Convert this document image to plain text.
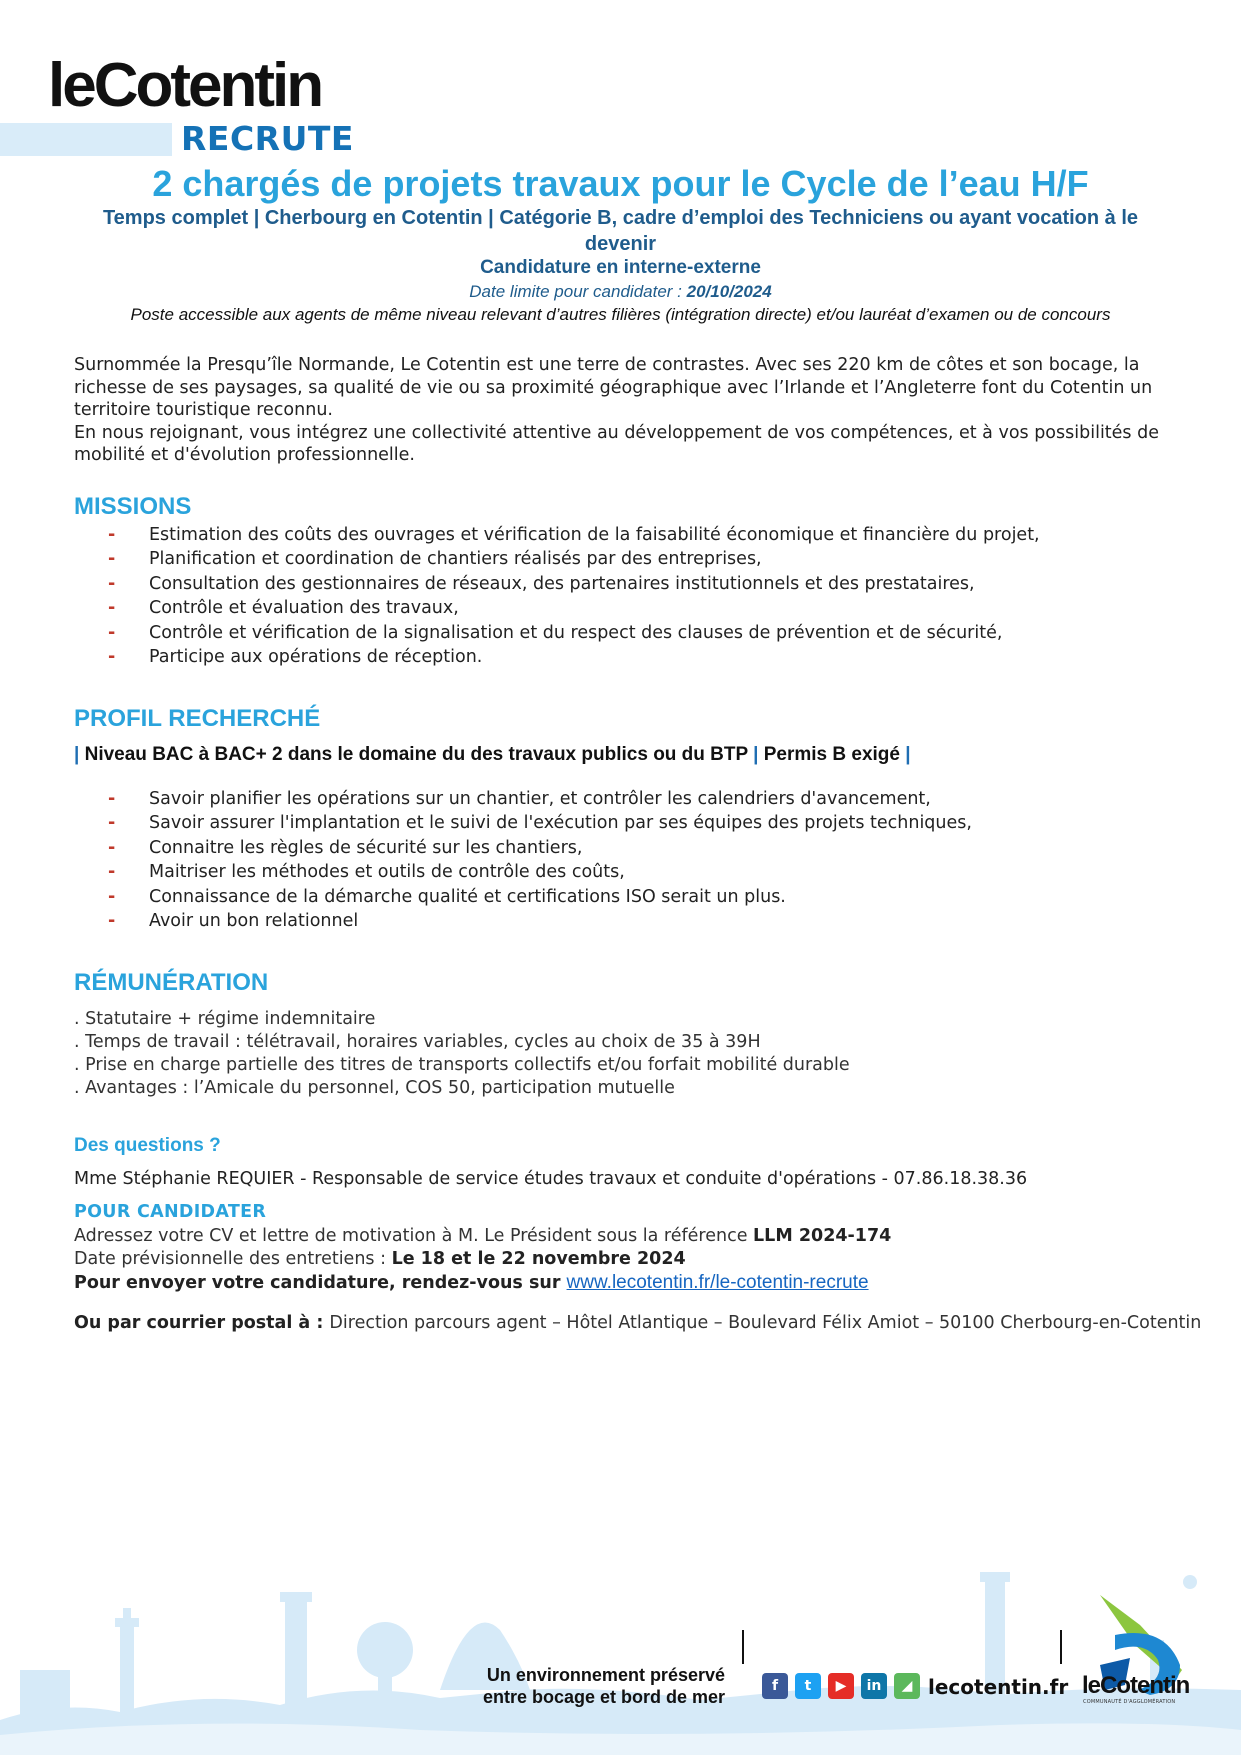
leCotentin
RECRUTE
2 chargés de projets travaux pour le Cycle de l’eau H/F
Temps complet | Cherbourg en Cotentin | Catégorie B, cadre d’emploi des Techniciens ou ayant vocation à le devenir
Candidature en interne-externe
Date limite pour candidater : 20/10/2024
Poste accessible aux agents de même niveau relevant d’autres filières (intégration directe) et/ou lauréat d’examen ou de concours

Surnommée la Presqu’île Normande, Le Cotentin est une terre de contrastes. Avec ses 220 km de côtes et son bocage, la richesse de ses paysages, sa qualité de vie ou sa proximité géographique avec l’Irlande et l’Angleterre font du Cotentin un territoire touristique reconnu.

En nous rejoignant, vous intégrez une collectivité attentive au développement de vos compétences, et à vos possibilités de mobilité et d'évolution professionnelle.

MISSIONS
- Estimation des coûts des ouvrages et vérification de la faisabilité économique et financière du projet,
- Planification et coordination de chantiers réalisés par des entreprises,
- Consultation des gestionnaires de réseaux, des partenaires institutionnels et des prestataires,
- Contrôle et évaluation des travaux,
- Contrôle et vérification de la signalisation et du respect des clauses de prévention et de sécurité,
- Participe aux opérations de réception.
PROFIL RECHERCHÉ
| Niveau BAC à BAC+ 2 dans le domaine du des travaux publics ou du BTP | Permis B exigé |
- Savoir planifier les opérations sur un chantier, et contrôler les calendriers d'avancement,
- Savoir assurer l'implantation et le suivi de l'exécution par ses équipes des projets techniques,
- Connaitre les règles de sécurité sur les chantiers,
- Maitriser les méthodes et outils de contrôle des coûts,
- Connaissance de la démarche qualité et certifications ISO serait un plus.
- Avoir un bon relationnel
RÉMUNÉRATION
. Statutaire + régime indemnitaire
. Temps de travail : télétravail, horaires variables, cycles au choix de 35 à 39H
. Prise en charge partielle des titres de transports collectifs et/ou forfait mobilité durable
. Avantages : l’Amicale du personnel, COS 50, participation mutuelle
Des questions ?
Mme Stéphanie REQUIER - Responsable de service études travaux et conduite d'opérations - 07.86.18.38.36
POUR CANDIDATER
Adressez votre CV et lettre de motivation à M. Le Président sous la référence LLM 2024-174
Date prévisionnelle des entretiens : Le 18 et le 22 novembre 2024
Pour envoyer votre candidature, rendez-vous sur www.lecotentin.fr/le-cotentin-recrute
Ou par courrier postal à : Direction parcours agent – Hôtel Atlantique – Boulevard Félix Amiot – 50100 Cherbourg-en-Cotentin
Un environnement préservé
entre bocage et bord de mer
f	t	▶	in	◢ lecotentin.fr leCotentin
COMMUNAUTÉ D'AGGLOMÉRATION
